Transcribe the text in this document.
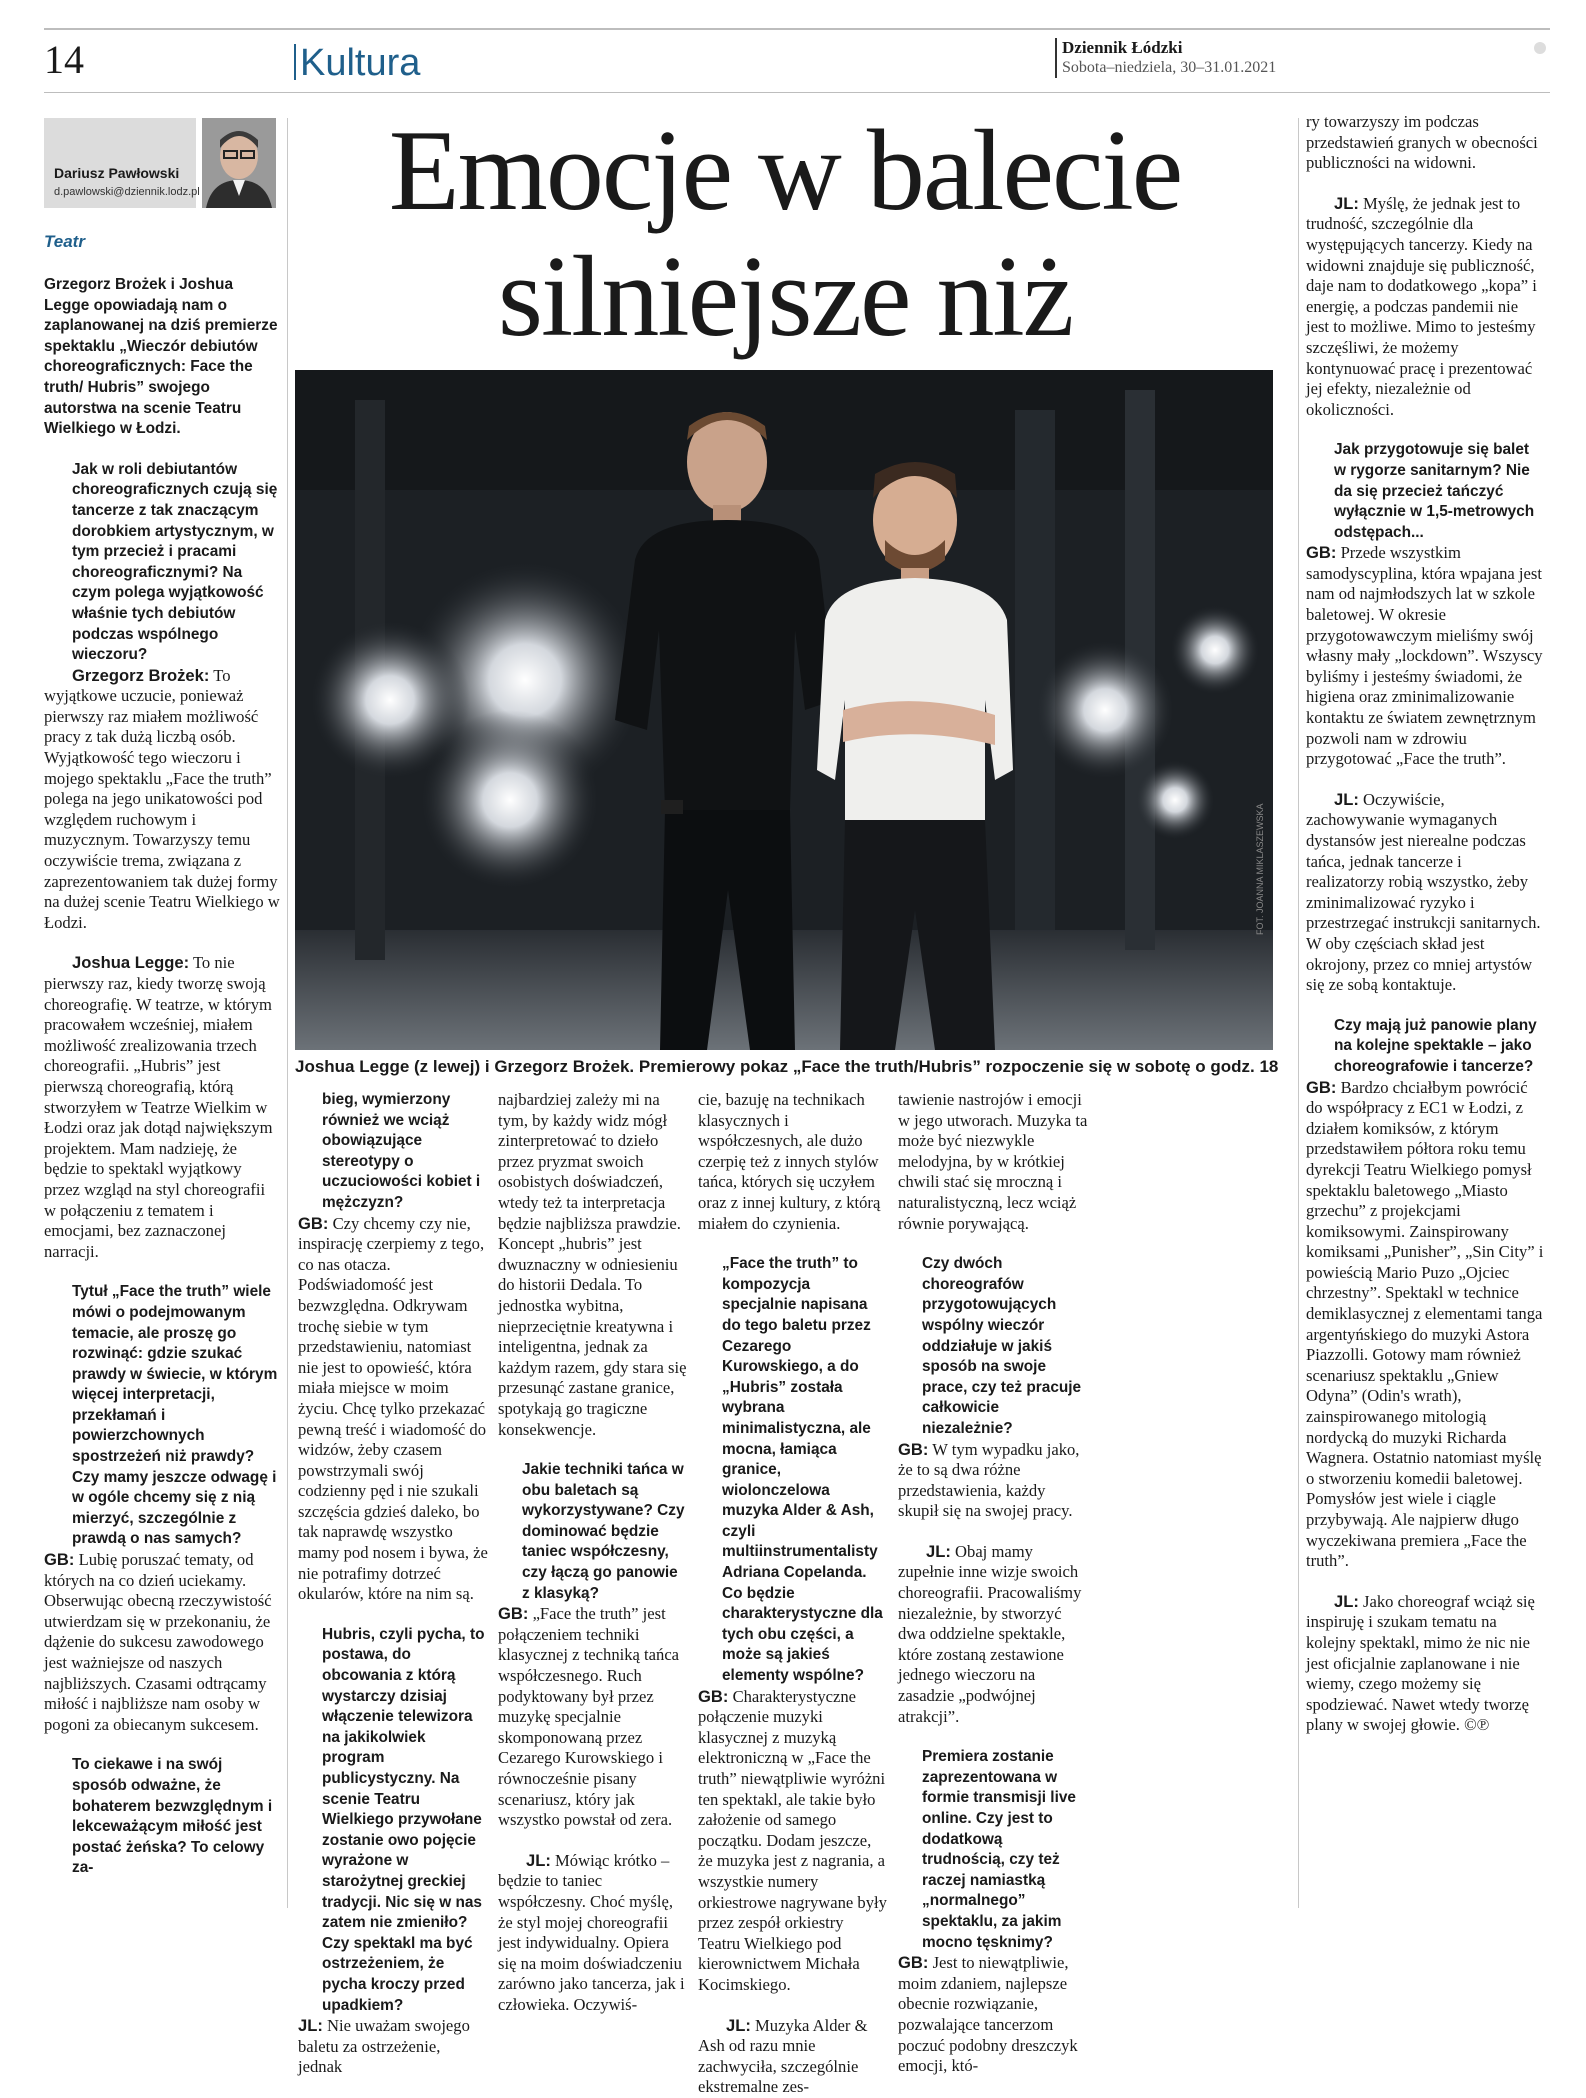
14	Kultura	Dziennik Łódzki
Sobota–niedziela, 30–31.01.2021
Dariusz Pawłowski
d.pawlowski@dziennik.lodz.pl
Teatr
Emocje w balecie
silniejsze niż
FOT. JOANNA MIKLASZEWSKA
Joshua Legge (z lewej) i Grzegorz Brożek. Premierowy pokaz „Face the truth/Hubris” rozpoczenie się w sobotę o godz. 18

Grzegorz Brożek i Joshua Legge opowiadają nam o zaplanowanej na dziś premierze spektaklu „Wieczór debiutów choreograficznych: Face the truth/ Hubris” swojego autorstwa na scenie Teatru Wielkiego w Łodzi.

Jak w roli debiutantów choreograficznych czują się tancerze z tak znaczącym dorobkiem artystycznym, w tym przecież i pracami choreograficznymi? Na czym polega wyjątkowość właśnie tych debiutów podczas wspólnego wieczoru?

Grzegorz Brożek: To wyjątkowe uczucie, ponieważ pierwszy raz miałem możliwość pracy z tak dużą liczbą osób. Wyjątkowość tego wieczoru i mojego spektaklu „Face the truth” polega na jego unikatowości pod względem ruchowym i muzycznym. Towarzyszy temu oczywiście trema, związana z zaprezentowaniem tak dużej formy na dużej scenie Teatru Wielkiego w Łodzi.

Joshua Legge: To nie pierwszy raz, kiedy tworzę swoją choreografię. W teatrze, w którym pracowałem wcześniej, miałem możliwość zrealizowania trzech choreografii. „Hubris” jest pierwszą choreografią, którą stworzyłem w Teatrze Wielkim w Łodzi oraz jak dotąd największym projektem. Mam nadzieję, że będzie to spektakl wyjątkowy przez wzgląd na styl choreografii w połączeniu z tematem i emocjami, bez zaznaczonej narracji.

Tytuł „Face the truth” wiele mówi o podejmowanym temacie, ale proszę go rozwinąć: gdzie szukać prawdy w świecie, w którym więcej interpretacji, przekłamań i powierzchownych spostrzeżeń niż prawdy? Czy mamy jeszcze odwagę i w ogóle chcemy się z nią mierzyć, szczególnie z prawdą o nas samych?

GB: Lubię poruszać tematy, od których na co dzień uciekamy. Obserwując obecną rzeczywistość utwierdzam się w przekonaniu, że dążenie do sukcesu zawodowego jest ważniejsze od naszych najbliższych. Czasami odtrącamy miłość i najbliższe nam osoby w pogoni za obiecanym sukcesem.

To ciekawe i na swój sposób odważne, że bohaterem bezwzględnym i lekceważącym miłość jest postać żeńska? To celowy za-

bieg, wymierzony również we wciąż obowiązujące stereotypy o uczuciowości kobiet i mężczyzn?

GB: Czy chcemy czy nie, inspirację czerpiemy z tego, co nas otacza. Podświadomość jest bezwzględna. Odkrywam trochę siebie w tym przedstawieniu, natomiast nie jest to opowieść, która miała miejsce w moim życiu. Chcę tylko przekazać pewną treść i wiadomość do widzów, żeby czasem powstrzymali swój codzienny pęd i nie szukali szczęścia gdzieś daleko, bo tak naprawdę wszystko mamy pod nosem i bywa, że nie potrafimy dotrzeć okularów, które na nim są.

Hubris, czyli pycha, to postawa, do obcowania z którą wystarczy dzisiaj włączenie telewizora na jakikolwiek program publicystyczny. Na scenie Teatru Wielkiego przywołane zostanie owo pojęcie wyrażone w starożytnej greckiej tradycji. Nic się w nas zatem nie zmieniło? Czy spektakl ma być ostrzeżeniem, że pycha kroczy przed upadkiem?

JL: Nie uważam swojego baletu za ostrzeżenie, jednak

najbardziej zależy mi na tym, by każdy widz mógł zinterpretować to dzieło przez pryzmat swoich osobistych doświadczeń, wtedy też ta interpretacja będzie najbliższa prawdzie. Koncept „hubris” jest dwuznaczny w odniesieniu do historii Dedala. To jednostka wybitna, nieprzeciętnie kreatywna i inteligentna, jednak za każdym razem, gdy stara się przesunąć zastane granice, spotykają go tragiczne konsekwencje.

Jakie techniki tańca w obu baletach są wykorzystywane? Czy dominować będzie taniec współczesny, czy łączą go panowie z klasyką?

GB: „Face the truth” jest połączeniem techniki klasycznej z techniką tańca współczesnego. Ruch podyktowany był przez muzykę specjalnie skomponowaną przez Cezarego Kurowskiego i równocześnie pisany scenariusz, który jak wszystko powstał od zera.

JL: Mówiąc krótko – będzie to taniec współczesny. Choć myślę, że styl mojej choreografii jest indywidualny. Opiera się na moim doświadczeniu zarówno jako tancerza, jak i człowieka. Oczywiś-

cie, bazuję na technikach klasycznych i współczesnych, ale dużo czerpię też z innych stylów tańca, których się uczyłem oraz z innej kultury, z którą miałem do czynienia.

„Face the truth” to kompozycja specjalnie napisana do tego baletu przez Cezarego Kurowskiego, a do „Hubris” została wybrana minimalistyczna, ale mocna, łamiąca granice, wiolonczelowa muzyka Alder & Ash, czyli multiinstrumentalisty Adriana Copelanda. Co będzie charakterystyczne dla tych obu części, a może są jakieś elementy wspólne?

GB: Charakterystyczne połączenie muzyki klasycznej z muzyką elektroniczną w „Face the truth” niewątpliwie wyróżni ten spektakl, ale takie było założenie od samego początku. Dodam jeszcze, że muzyka jest z nagrania, a wszystkie numery orkiestrowe nagrywane były przez zespół orkiestry Teatru Wielkiego pod kierownictwem Michała Kocimskiego.

JL: Muzyka Alder & Ash od razu mnie zachwyciła, szczególnie ekstremalne zes-

tawienie nastrojów i emocji w jego utworach. Muzyka ta może być niezwykle melodyjna, by w krótkiej chwili stać się mroczną i naturalistyczną, lecz wciąż równie porywającą.

Czy dwóch choreografów przygotowujących wspólny wieczór oddziałuje w jakiś sposób na swoje prace, czy też pracuje całkowicie niezależnie?

GB: W tym wypadku jako, że to są dwa różne przedstawienia, każdy skupił się na swojej pracy.

JL: Obaj mamy zupełnie inne wizje swoich choreografii. Pracowaliśmy niezależnie, by stworzyć dwa oddzielne spektakle, które zostaną zestawione jednego wieczoru na zasadzie „podwójnej atrakcji”.

Premiera zostanie zaprezentowana w formie transmisji live online. Czy jest to dodatkową trudnością, czy też raczej namiastką „normalnego” spektaklu, za jakim mocno tęsknimy?

GB: Jest to niewątpliwie, moim zdaniem, najlepsze obecnie rozwiązanie, pozwalające tancerzom poczuć podobny dreszczyk emocji, któ-

ry towarzyszy im podczas przedstawień granych w obecności publiczności na widowni.

JL: Myślę, że jednak jest to trudność, szczególnie dla występujących tancerzy. Kiedy na widowni znajduje się publiczność, daje nam to dodatkowego „kopa” i energię, a podczas pandemii nie jest to możliwe. Mimo to jesteśmy szczęśliwi, że możemy kontynuować pracę i prezentować jej efekty, niezależnie od okoliczności.

Jak przygotowuje się balet w rygorze sanitarnym? Nie da się przecież tańczyć wyłącznie w 1,5-metrowych odstępach...

GB: Przede wszystkim samodyscyplina, która wpajana jest nam od najmłodszych lat w szkole baletowej. W okresie przygotowawczym mieliśmy swój własny mały „lockdown”. Wszyscy byliśmy i jesteśmy świadomi, że higiena oraz zminimalizowanie kontaktu ze światem zewnętrznym pozwoli nam w zdrowiu przygotować „Face the truth”.

JL: Oczywiście, zachowywanie wymaganych dystansów jest nierealne podczas tańca, jednak tancerze i realizatorzy robią wszystko, żeby zminimalizować ryzyko i przestrzegać instrukcji sanitarnych. W oby częściach skład jest okrojony, przez co mniej artystów się ze sobą kontaktuje.

Czy mają już panowie plany na kolejne spektakle – jako choreografowie i tancerze?

GB: Bardzo chciałbym powrócić do współpracy z EC1 w Łodzi, z działem komiksów, z którym przedstawiłem półtora roku temu dyrekcji Teatru Wielkiego pomysł spektaklu baletowego „Miasto grzechu” z projekcjami komiksowymi. Zainspirowany komiksami „Punisher”, „Sin City” i powieścią Mario Puzo „Ojciec chrzestny”. Spektakl w technice demiklasycznej z elementami tanga argentyńskiego do muzyki Astora Piazzolli. Gotowy mam również scenariusz spektaklu „Gniew Odyna” (Odin's wrath), zainspirowanego mitologią nordycką do muzyki Richarda Wagnera. Ostatnio natomiast myślę o stworzeniu komedii baletowej. Pomysłów jest wiele i ciągle przybywają. Ale najpierw długo wyczekiwana premiera „Face the truth”.

JL: Jako choreograf wciąż się inspiruję i szukam tematu na kolejny spektakl, mimo że nic nie jest oficjalnie zaplanowane i nie wiemy, czego możemy się spodziewać. Nawet wtedy tworzę plany w swojej głowie. ©℗
